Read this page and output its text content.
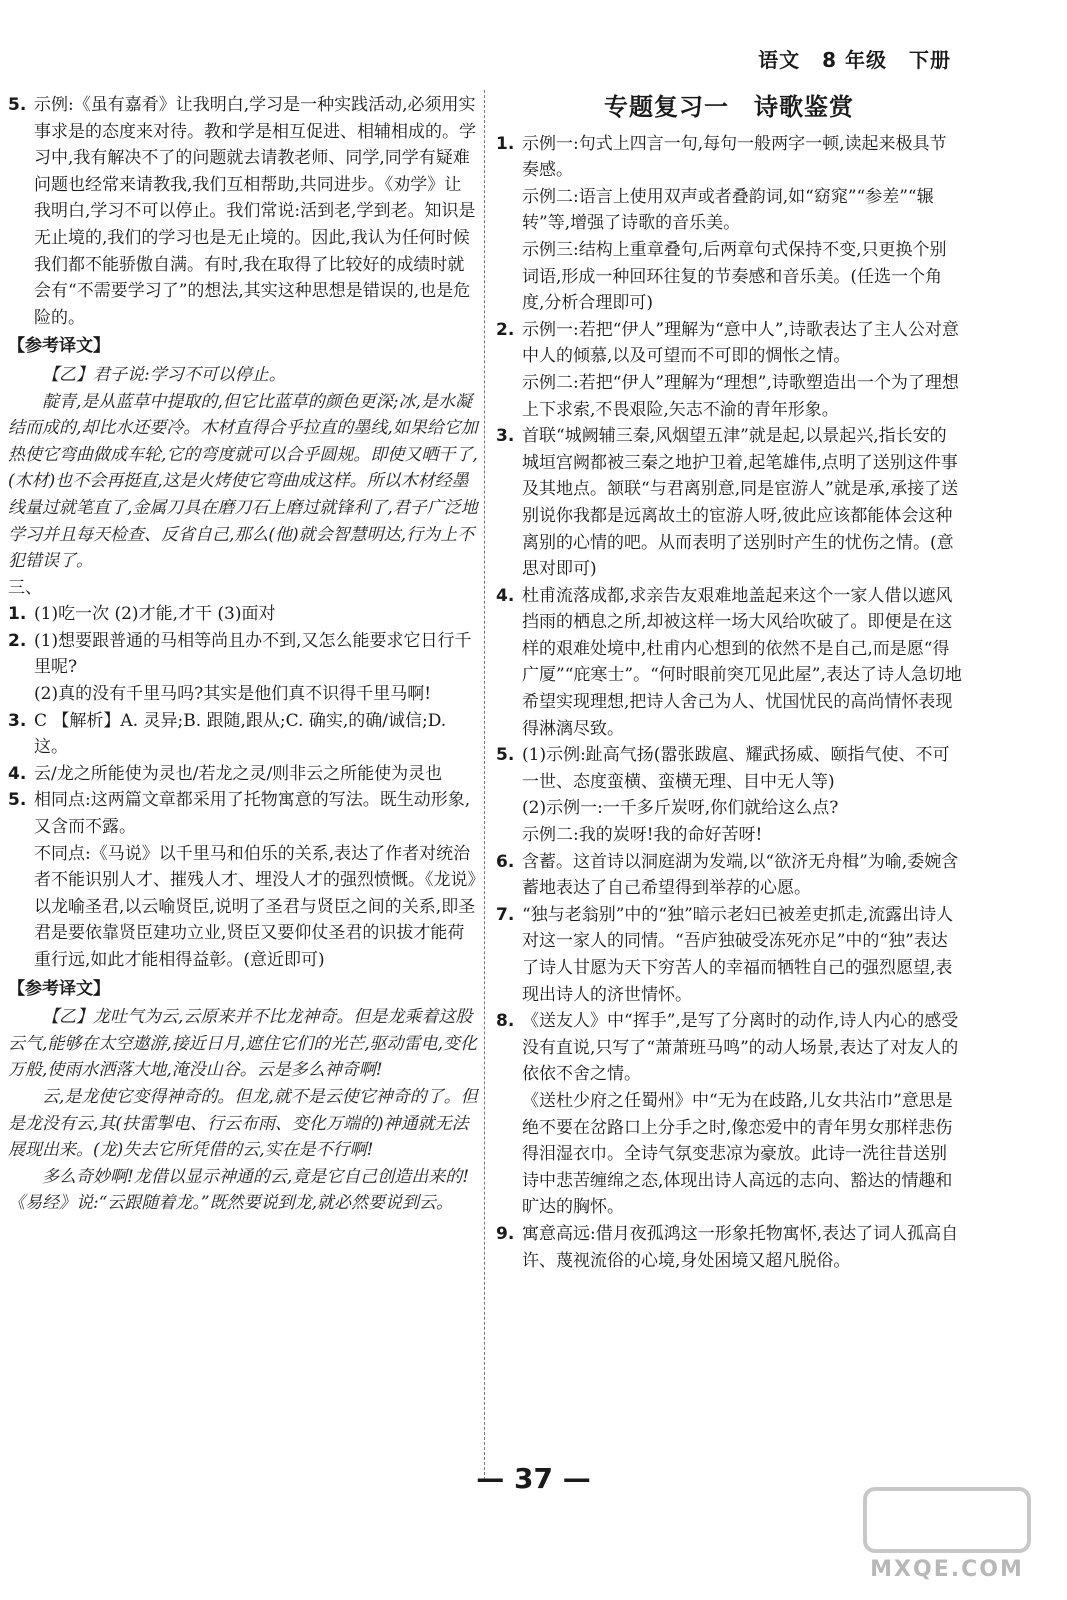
语文 8 年级 下册
5. 示例:《虽有嘉肴》让我明白,学习是一种实践活动,必须用实事求是的态度来对待。教和学是相互促进、相辅相成的。学习中,我有解决不了的问题就去请教老师、同学,同学有疑难问题也经常来请教我,我们互相帮助,共同进步。《劝学》让我明白,学习不可以停止。我们常说:活到老,学到老。知识是无止境的,我们的学习也是无止境的。因此,我认为任何时候我们都不能骄傲自满。有时,我在取得了比较好的成绩时就会有“不需要学习了”的想法,其实这种思想是错误的,也是危险的。

【参考译文】

【乙】君子说:学习不可以停止。

靛青,是从蓝草中提取的,但它比蓝草的颜色更深;冰,是水凝结而成的,却比水还要冷。木材直得合乎拉直的墨线,如果给它加热使它弯曲做成车轮,它的弯度就可以合乎圆规。即使又晒干了,(木材)也不会再挺直,这是火烤使它弯曲成这样。所以木材经墨线量过就笔直了,金属刀具在磨刀石上磨过就锋利了,君子广泛地学习并且每天检查、反省自己,那么(他)就会智慧明达,行为上不犯错误了。

三、
1. (1)吃一次 (2)才能,才干 (3)面对

2. (1)想要跟普通的马相等尚且办不到,又怎么能要求它日行千里呢?

(2)真的没有千里马吗?其实是他们真不识得千里马啊!

3. C 【解析】A. 灵异;B. 跟随,跟从;C. 确实,的确/诚信;D. 这。

4. 云/龙之所能使为灵也/若龙之灵/则非云之所能使为灵也

5. 相同点:这两篇文章都采用了托物寓意的写法。既生动形象,又含而不露。

不同点:《马说》以千里马和伯乐的关系,表达了作者对统治者不能识别人才、摧残人才、埋没人才的强烈愤慨。《龙说》以龙喻圣君,以云喻贤臣,说明了圣君与贤臣之间的关系,即圣君是要依靠贤臣建功立业,贤臣又要仰仗圣君的识拔才能荷重行远,如此才能相得益彰。(意近即可)

【参考译文】

【乙】龙吐气为云,云原来并不比龙神奇。但是龙乘着这股云气,能够在太空遨游,接近日月,遮住它们的光芒,驱动雷电,变化万般,使雨水洒落大地,淹没山谷。云是多么神奇啊!

云,是龙使它变得神奇的。但龙,就不是云使它神奇的了。但是龙没有云,其(扶雷掣电、行云布雨、变化万端的)神通就无法展现出来。(龙)失去它所凭借的云,实在是不行啊!

多么奇妙啊!龙借以显示神通的云,竟是它自己创造出来的!《易经》说:“云跟随着龙。”既然要说到龙,就必然要说到云。

专题复习一　诗歌鉴赏
1. 示例一:句式上四言一句,每句一般两字一顿,读起来极具节奏感。

示例二:语言上使用双声或者叠韵词,如“窈窕”“参差”“辗转”等,增强了诗歌的音乐美。

示例三:结构上重章叠句,后两章句式保持不变,只更换个别词语,形成一种回环往复的节奏感和音乐美。(任选一个角度,分析合理即可)

2. 示例一:若把“伊人”理解为“意中人”,诗歌表达了主人公对意中人的倾慕,以及可望而不可即的惆怅之情。

示例二:若把“伊人”理解为“理想”,诗歌塑造出一个为了理想上下求索,不畏艰险,矢志不渝的青年形象。

3. 首联“城阙辅三秦,风烟望五津”就是起,以景起兴,指长安的城垣宫阙都被三秦之地护卫着,起笔雄伟,点明了送别这件事及其地点。颔联“与君离别意,同是宦游人”就是承,承接了送别说你我都是远离故土的宦游人呀,彼此应该都能体会这种离别的心情的吧。从而表明了送别时产生的忧伤之情。(意思对即可)

4. 杜甫流落成都,求亲告友艰难地盖起来这个一家人借以遮风挡雨的栖息之所,却被这样一场大风给吹破了。即便是在这样的艰难处境中,杜甫内心想到的依然不是自己,而是愿“得广厦”“庇寒士”。“何时眼前突兀见此屋”,表达了诗人急切地希望实现理想,把诗人舍己为人、忧国忧民的高尚情怀表现得淋漓尽致。

5. (1)示例:趾高气扬(嚣张跋扈、耀武扬威、颐指气使、不可一世、态度蛮横、蛮横无理、目中无人等)

(2)示例一:一千多斤炭呀,你们就给这么点?

示例二:我的炭呀!我的命好苦呀!

6. 含蓄。这首诗以洞庭湖为发端,以“欲济无舟楫”为喻,委婉含蓄地表达了自己希望得到举荐的心愿。

7. “独与老翁别”中的“独”暗示老妇已被差吏抓走,流露出诗人对这一家人的同情。“吾庐独破受冻死亦足”中的“独”表达了诗人甘愿为天下穷苦人的幸福而牺牲自己的强烈愿望,表现出诗人的济世情怀。

8. 《送友人》中“挥手”,是写了分离时的动作,诗人内心的感受没有直说,只写了“萧萧班马鸣”的动人场景,表达了对友人的依依不舍之情。

《送杜少府之任蜀州》中“无为在歧路,儿女共沾巾”意思是绝不要在岔路口上分手之时,像恋爱中的青年男女那样悲伤得泪湿衣巾。全诗气氛变悲凉为豪放。此诗一洗往昔送别诗中悲苦缠绵之态,体现出诗人高远的志向、豁达的情趣和旷达的胸怀。

9. 寓意高远:借月夜孤鸿这一形象托物寓怀,表达了词人孤高自许、蔑视流俗的心境,身处困境又超凡脱俗。

— 37 —
MXQE.COM
